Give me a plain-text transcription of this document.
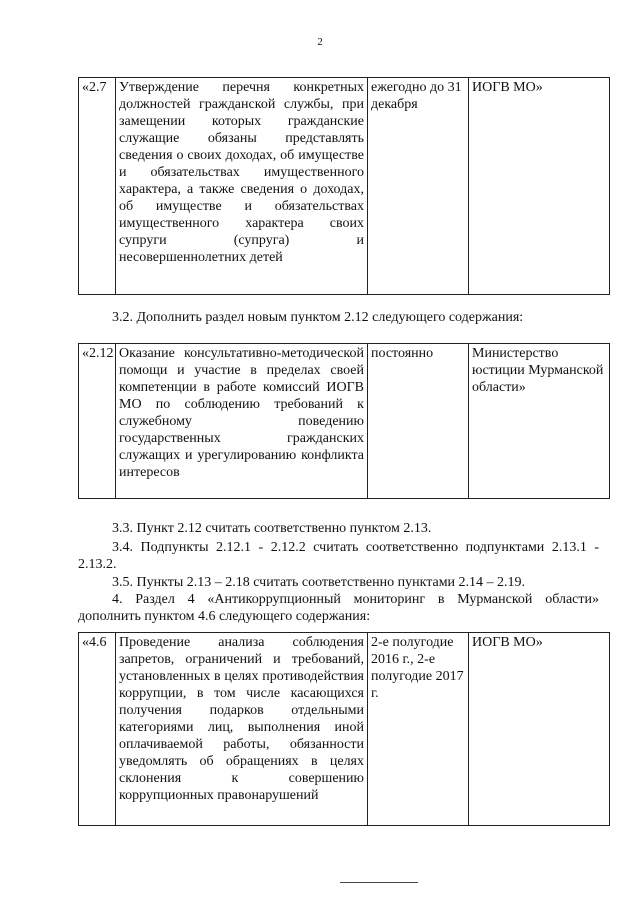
2
«2.7	Утверждение перечня конкретных должностей гражданской службы, при замещении которых гражданские служащие обязаны представлять сведения о своих доходах, об имуществе и обязательствах имущественного характера, а также сведения о доходах, об имуществе и обязательствах имущественного характера своих супруги (супруга) и несовершеннолетних детей	ежегодно до 31 декабря	ИОГВ МО»

3.2. Дополнить раздел новым пунктом 2.12 следующего содержания:

«2.12	Оказание консультативно-методической помощи и участие в пределах своей компетенции в работе комиссий ИОГВ МО по соблюдению требований к служебному поведению государственных гражданских служащих и урегулированию конфликта интересов	постоянно	Министерство юстиции Мурманской области»

3.3. Пункт 2.12 считать соответственно пунктом 2.13.

3.4. Подпункты 2.12.1 - 2.12.2 считать соответственно подпунктами 2.13.1 - 2.13.2.

3.5. Пункты 2.13 – 2.18 считать соответственно пунктами 2.14 – 2.19.

4. Раздел 4 «Антикоррупционный мониторинг в Мурманской области» дополнить пунктом 4.6 следующего содержания:

«4.6	Проведение анализа соблюдения запретов, ограничений и требований, установленных в целях противодействия коррупции, в том числе касающихся получения подарков отдельными категориями лиц, выполнения иной оплачиваемой работы, обязанности уведомлять об обращениях в целях склонения к совершению коррупционных правонарушений	2-е полугодие 2016 г., 2-е полугодие 2017 г.	ИОГВ МО»
